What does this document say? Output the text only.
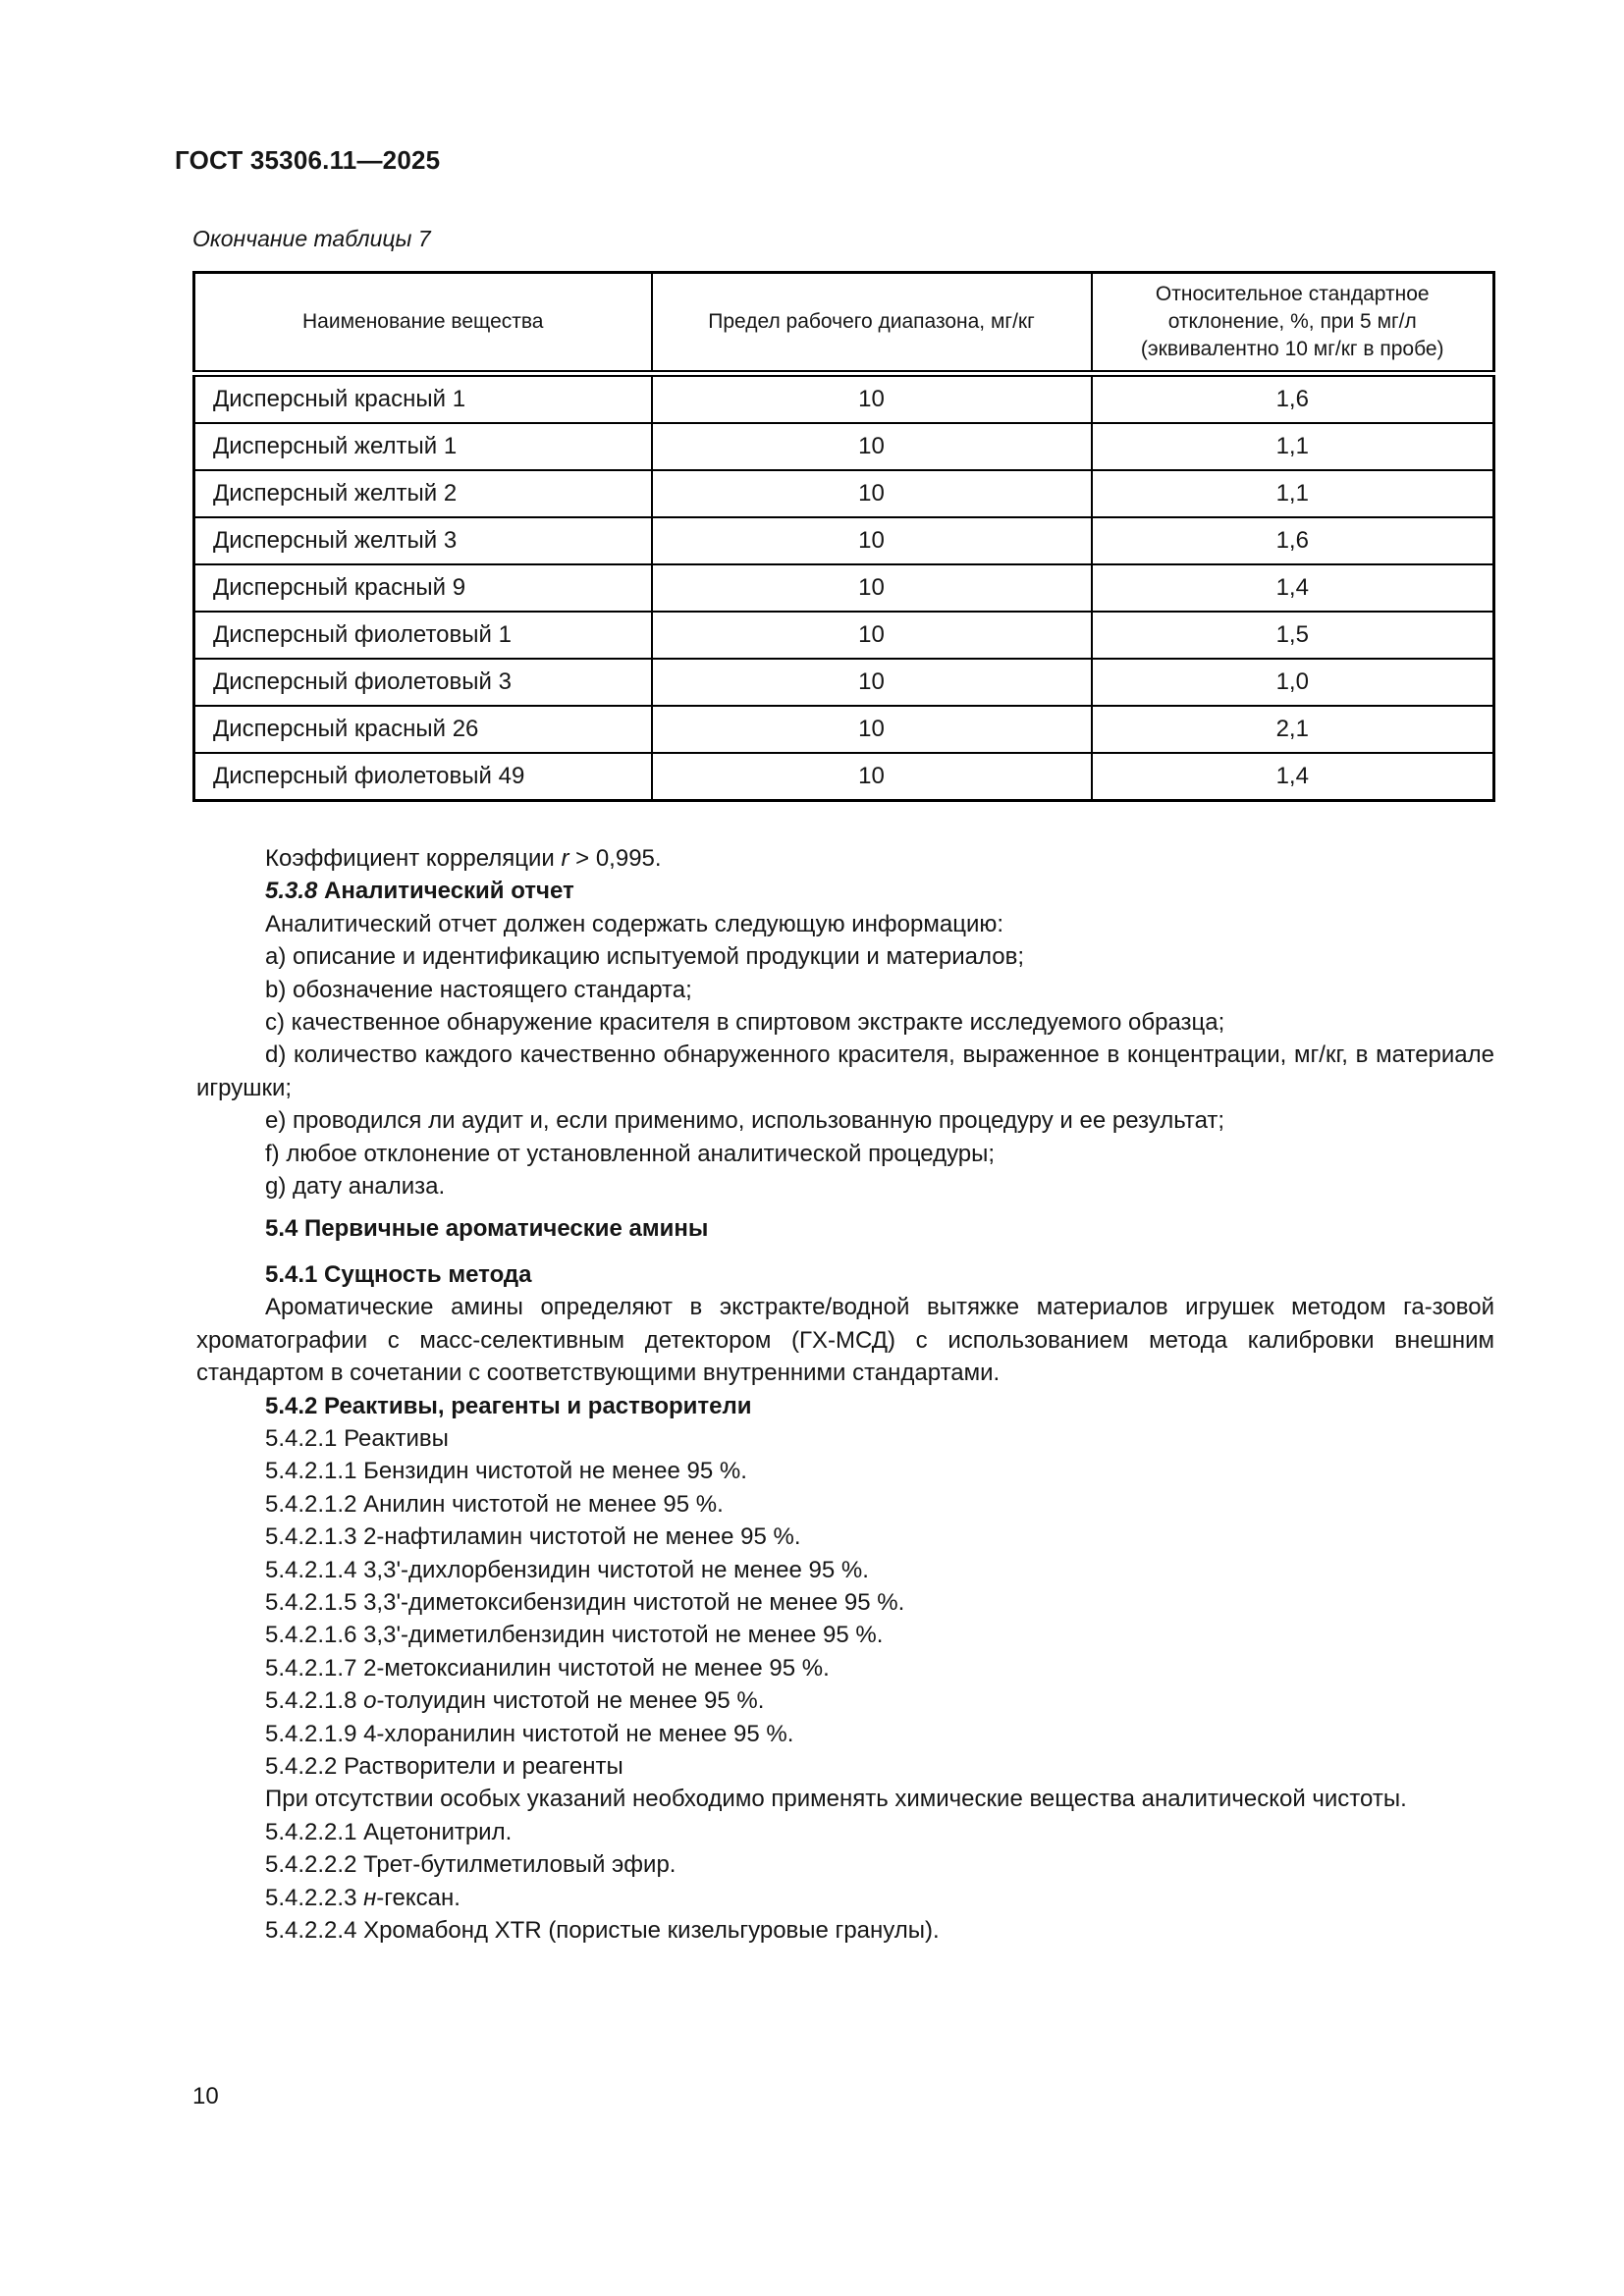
ГОСТ 35306.11—2025
Окончание таблицы 7
Наименование вещества	Предел рабочего диапазона, мг/кг	Относительное стандартное отклонение, %, при 5 мг/л (эквивалентно 10 мг/кг в пробе)
Дисперсный красный 1	10	1,6
Дисперсный желтый 1	10	1,1
Дисперсный желтый 2	10	1,1
Дисперсный желтый 3	10	1,6
Дисперсный красный 9	10	1,4
Дисперсный фиолетовый 1	10	1,5
Дисперсный фиолетовый 3	10	1,0
Дисперсный красный 26	10	2,1
Дисперсный фиолетовый 49	10	1,4

Коэффициент корреляции r > 0,995.

5.3.8 Аналитический отчет

Аналитический отчет должен содержать следующую информацию:

a) описание и идентификацию испытуемой продукции и материалов;

b) обозначение настоящего стандарта;

c) качественное обнаружение красителя в спиртовом экстракте исследуемого образца;

d) количество каждого качественно обнаруженного красителя, выраженное в концентрации, мг/кг, в материале игрушки;

e) проводился ли аудит и, если применимо, использованную процедуру и ее результат;

f) любое отклонение от установленной аналитической процедуры;

g) дату анализа.

5.4 Первичные ароматические амины

5.4.1 Сущность метода

Ароматические амины определяют в экстракте/водной вытяжке материалов игрушек методом га-зовой хроматографии с масс-селективным детектором (ГХ-МСД) с использованием метода калибровки внешним стандартом в сочетании с соответствующими внутренними стандартами.

5.4.2 Реактивы, реагенты и растворители

5.4.2.1 Реактивы

5.4.2.1.1 Бензидин чистотой не менее 95 %.

5.4.2.1.2 Анилин чистотой не менее 95 %.

5.4.2.1.3 2-нафтиламин чистотой не менее 95 %.

5.4.2.1.4 3,3'-дихлорбензидин чистотой не менее 95 %.

5.4.2.1.5 3,3'-диметоксибензидин чистотой не менее 95 %.

5.4.2.1.6 3,3'-диметилбензидин чистотой не менее 95 %.

5.4.2.1.7 2-метоксианилин чистотой не менее 95 %.

5.4.2.1.8 о-толуидин чистотой не менее 95 %.

5.4.2.1.9 4-хлоранилин чистотой не менее 95 %.

5.4.2.2 Растворители и реагенты

При отсутствии особых указаний необходимо применять химические вещества аналитической чистоты.

5.4.2.2.1 Ацетонитрил.

5.4.2.2.2 Трет-бутилметиловый эфир.

5.4.2.2.3 н-гексан.

5.4.2.2.4 Хромабонд XTR (пористые кизельгуровые гранулы).

10
